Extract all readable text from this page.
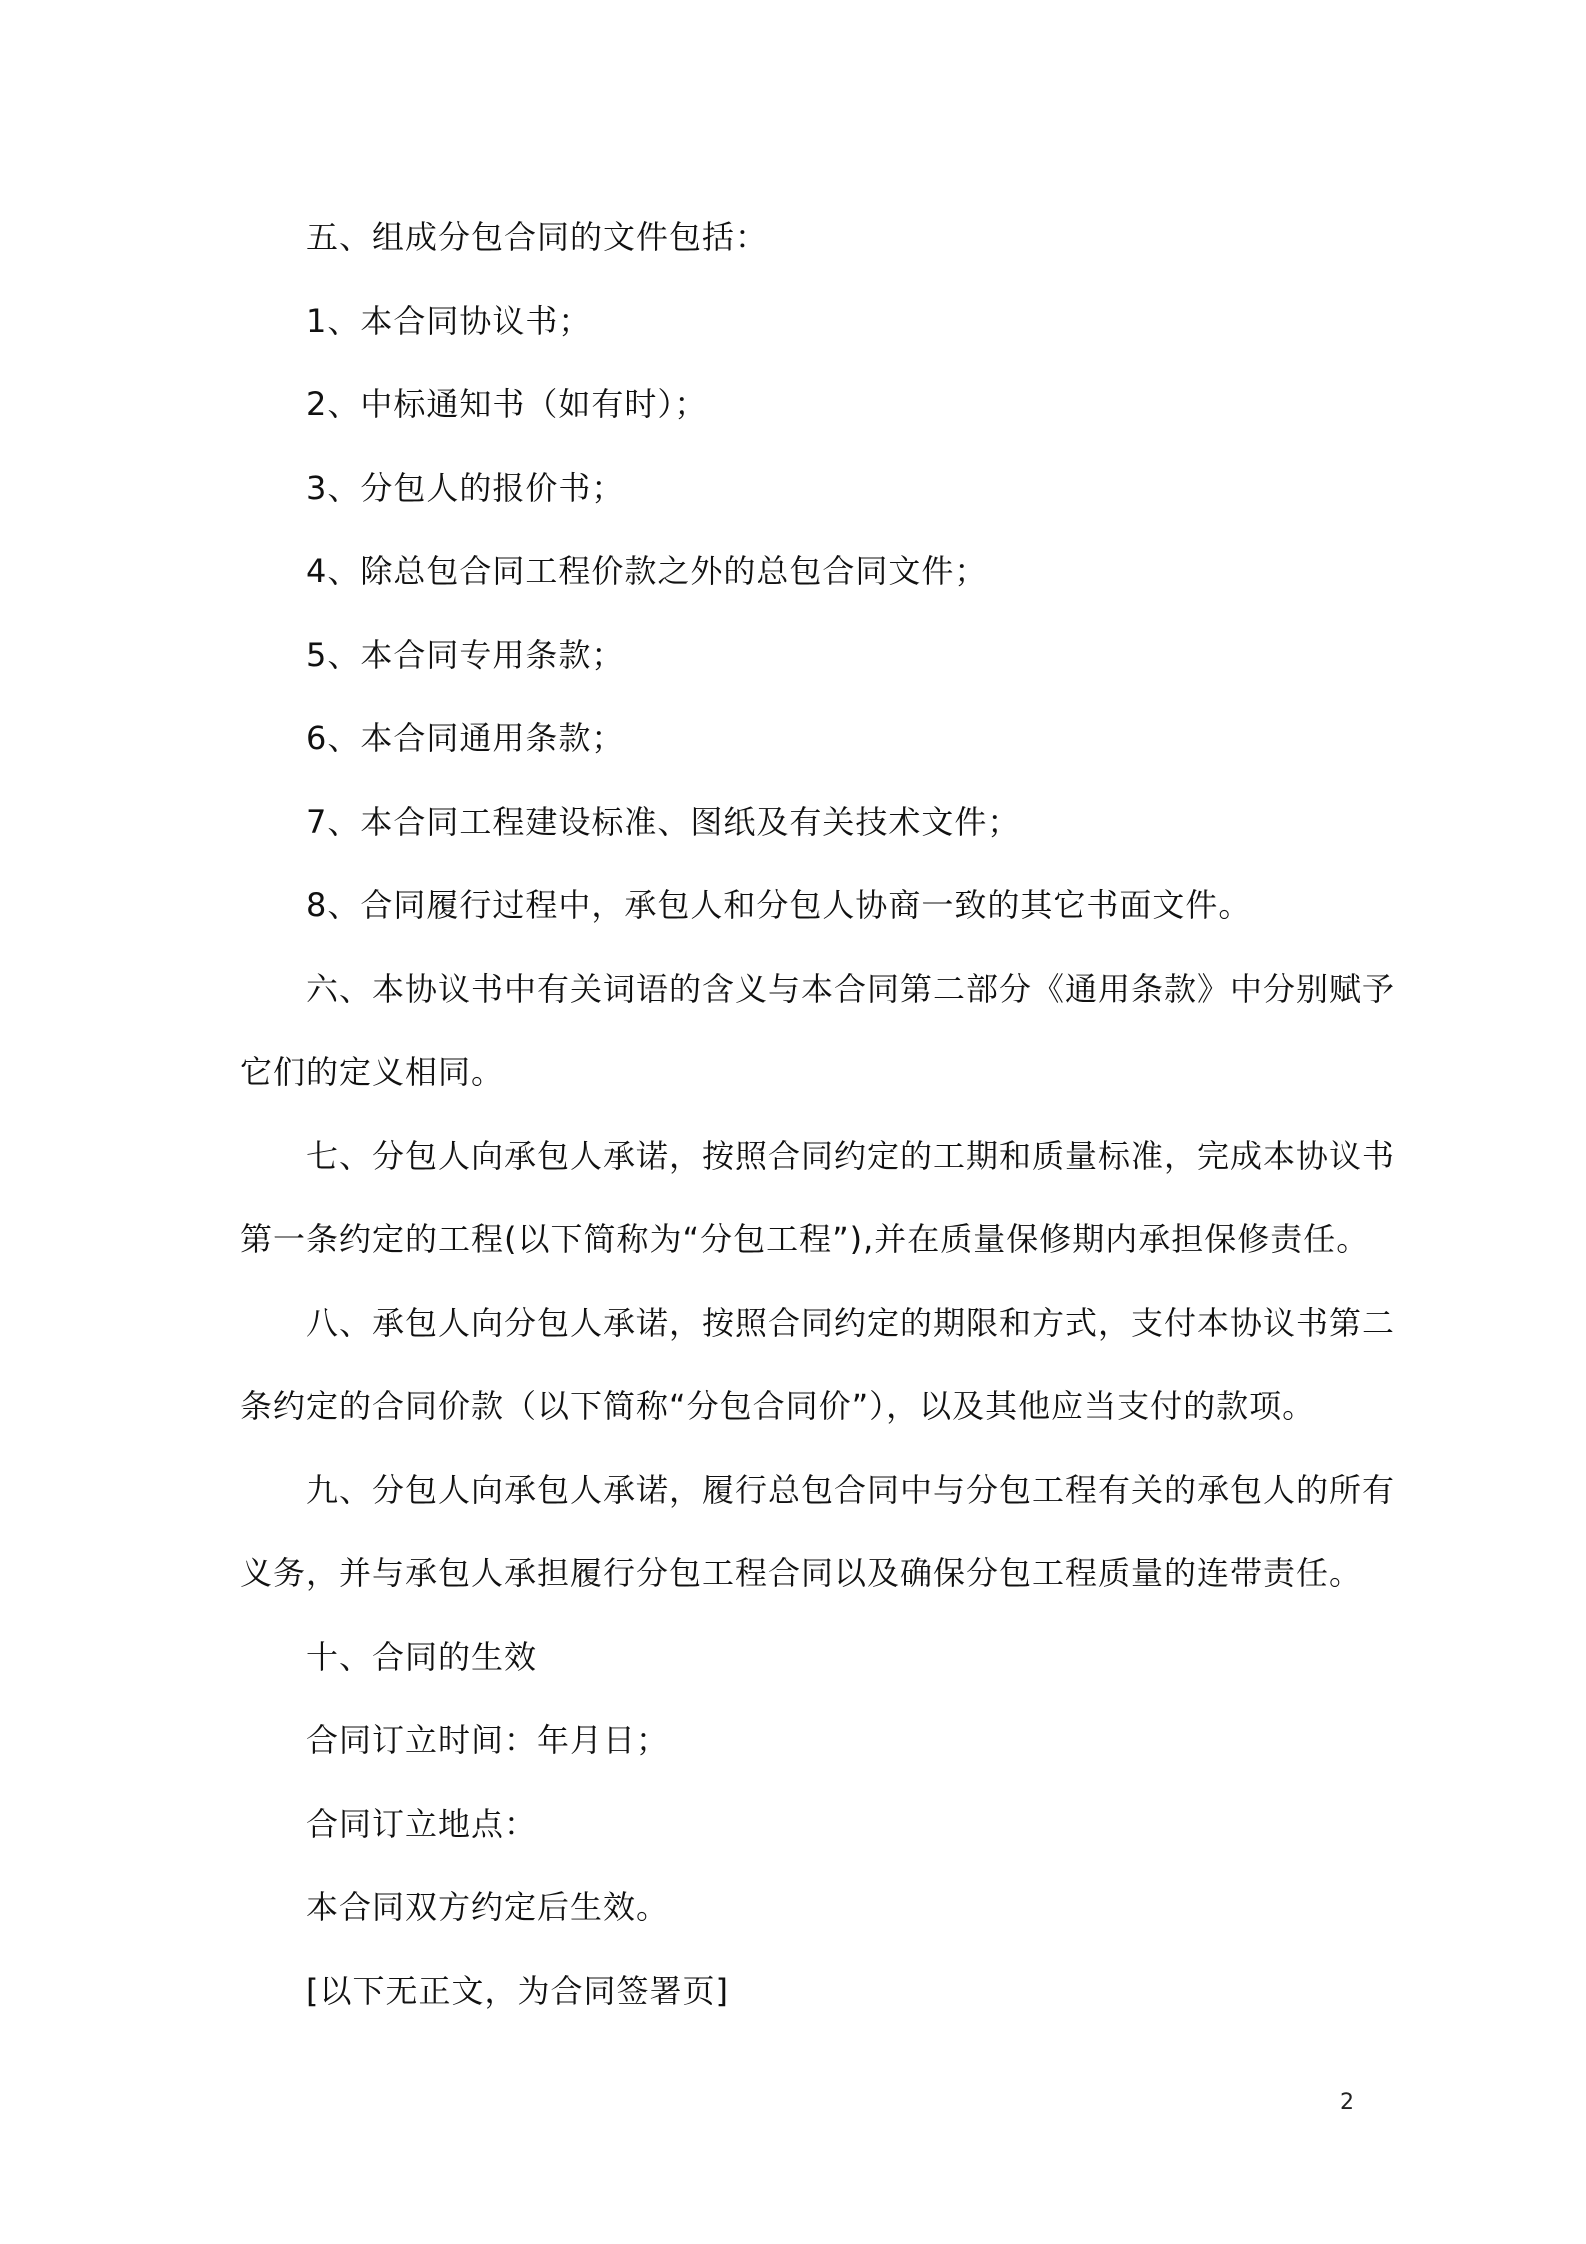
五、组成分包合同的文件包括：
1、本合同协议书；
2、中标通知书（如有时）；
3、分包人的报价书；
4、除总包合同工程价款之外的总包合同文件；
5、本合同专用条款；
6、本合同通用条款；
7、本合同工程建设标准、图纸及有关技术文件；
8、合同履行过程中，承包人和分包人协商一致的其它书面文件。
六、本协议书中有关词语的含义与本合同第二部分《通用条款》中分别赋予
它们的定义相同。
七、分包人向承包人承诺，按照合同约定的工期和质量标准，完成本协议书
第一条约定的工程(以下简称为“分包工程”),并在质量保修期内承担保修责任。
八、承包人向分包人承诺，按照合同约定的期限和方式，支付本协议书第二
条约定的合同价款（以下简称“分包合同价”），以及其他应当支付的款项。
九、分包人向承包人承诺，履行总包合同中与分包工程有关的承包人的所有
义务，并与承包人承担履行分包工程合同以及确保分包工程质量的连带责任。
十、合同的生效
合同订立时间：年月日；
合同订立地点：
本合同双方约定后生效。
[以下无正文，为合同签署页]
2
